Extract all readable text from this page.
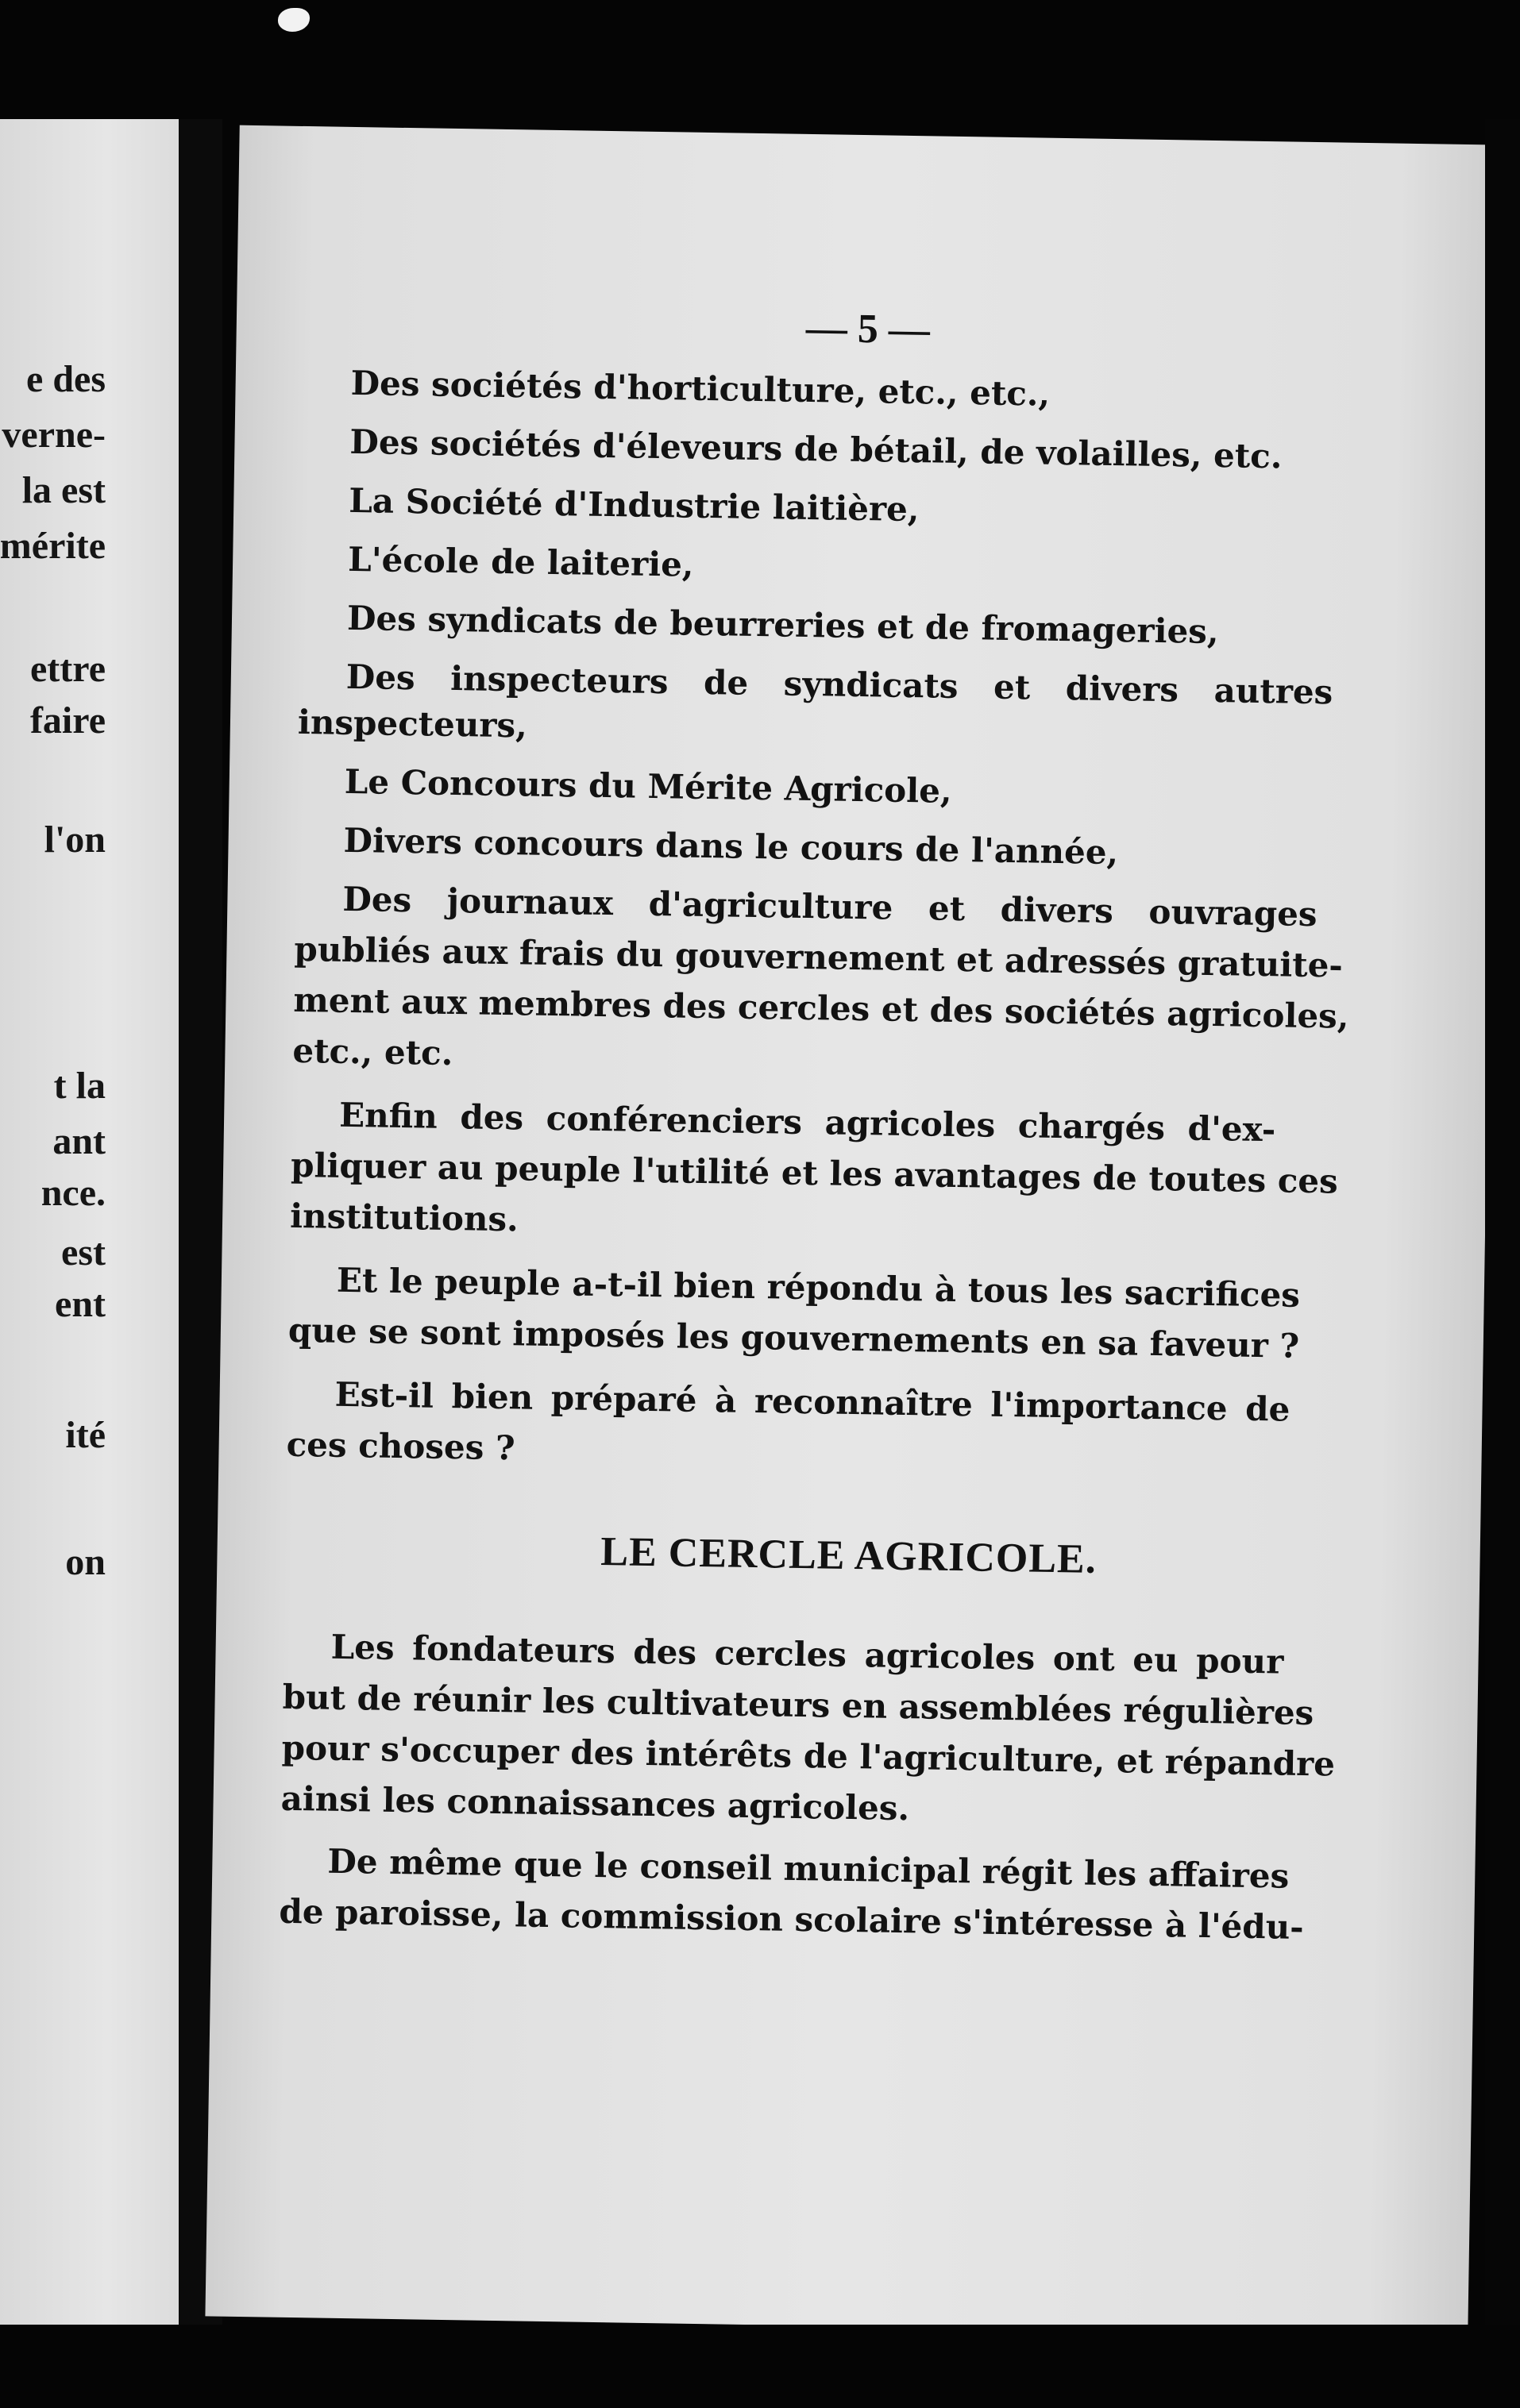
e des
verne-
la est
mérite
ettre
faire
l'on
t la
ant
nce.
est
ent
ité
on
— 5 —
Des sociétés d'horticulture, etc., etc.,
Des sociétés d'éleveurs de bétail, de volailles, etc.
La Société d'Industrie laitière,
L'école de laiterie,
Des syndicats de beurreries et de fromageries,
Des inspecteurs de syndicats et divers autres
inspecteurs,
Le Concours du Mérite Agricole,
Divers concours dans le cours de l'année,
Des journaux d'agriculture et divers ouvrages
publiés aux frais du gouvernement et adressés gratuite-
ment aux membres des cercles et des sociétés agricoles,
etc., etc.
Enfin des conférenciers agricoles chargés d'ex-
pliquer au peuple l'utilité et les avantages de toutes ces
institutions.
Et le peuple a-t-il bien répondu à tous les sacrifices
que se sont imposés les gouvernements en sa faveur ?
Est-il bien préparé à reconnaître l'importance de
ces choses ?
LE CERCLE AGRICOLE.
Les fondateurs des cercles agricoles ont eu pour
but de réunir les cultivateurs en assemblées régulières
pour s'occuper des intérêts de l'agriculture, et répandre
ainsi les connaissances agricoles.
De même que le conseil municipal régit les affaires
de paroisse, la commission scolaire s'intéresse à l'édu-
